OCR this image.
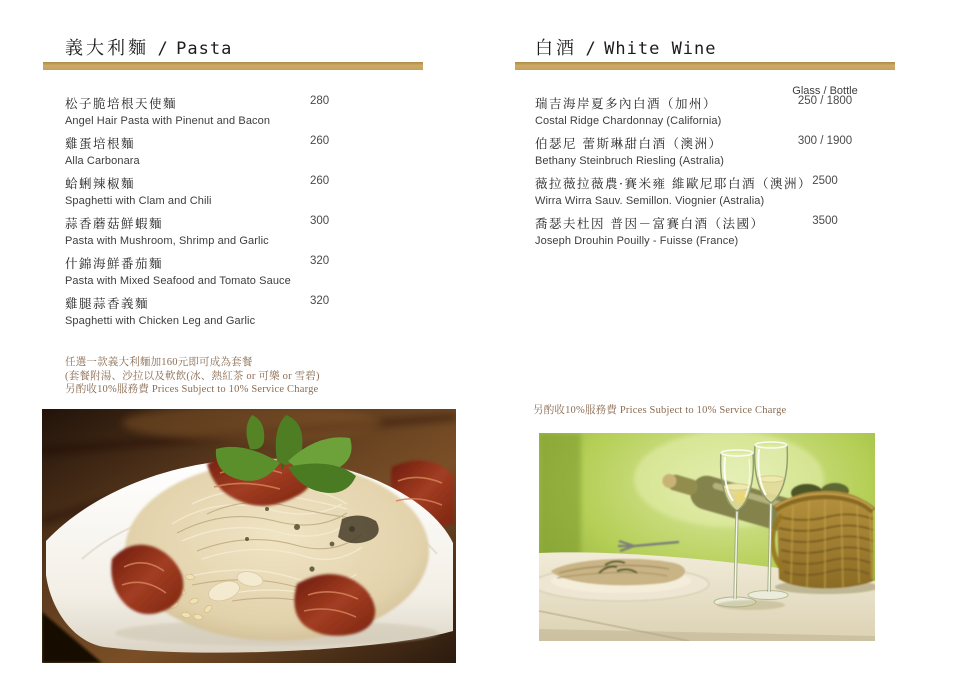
義大利麵 / Pasta
松子脆培根天使麵
Angel Hair Pasta with Pinenut and Bacon
280
雞蛋培根麵
Alla Carbonara
260
蛤蜊辣椒麵
Spaghetti with Clam and Chili
260
蒜香蘑菇鮮蝦麵
Pasta with Mushroom, Shrimp and Garlic
300
什錦海鮮番茄麵
Pasta with Mixed Seafood and Tomato Sauce
320
雞腿蒜香義麵
Spaghetti with Chicken Leg and Garlic
320
任選一款義大利麵加160元即可成為套餐
(套餐附湯、沙拉以及軟飲(冰、熱紅茶 or 可樂 or 雪碧)
另酌收10%服務費 Prices Subject to 10% Service Charge
白酒 / White Wine
Glass / Bottle
瑞吉海岸夏多內白酒（加州）
Costal Ridge Chardonnay (California)
250 / 1800
伯瑟尼 蕾斯琳甜白酒（澳洲）
Bethany Steinbruch Riesling (Astralia)
300 / 1900
薇拉薇拉薇農·賽米雍 維歐尼耶白酒（澳洲）
Wirra Wirra Sauv. Semillon. Viognier (Astralia)
2500
喬瑟夫杜因 普因－富賽白酒（法國）
Joseph Drouhin Pouilly - Fuisse (France)
3500
另酌收10%服務費 Prices Subject to 10% Service Charge
